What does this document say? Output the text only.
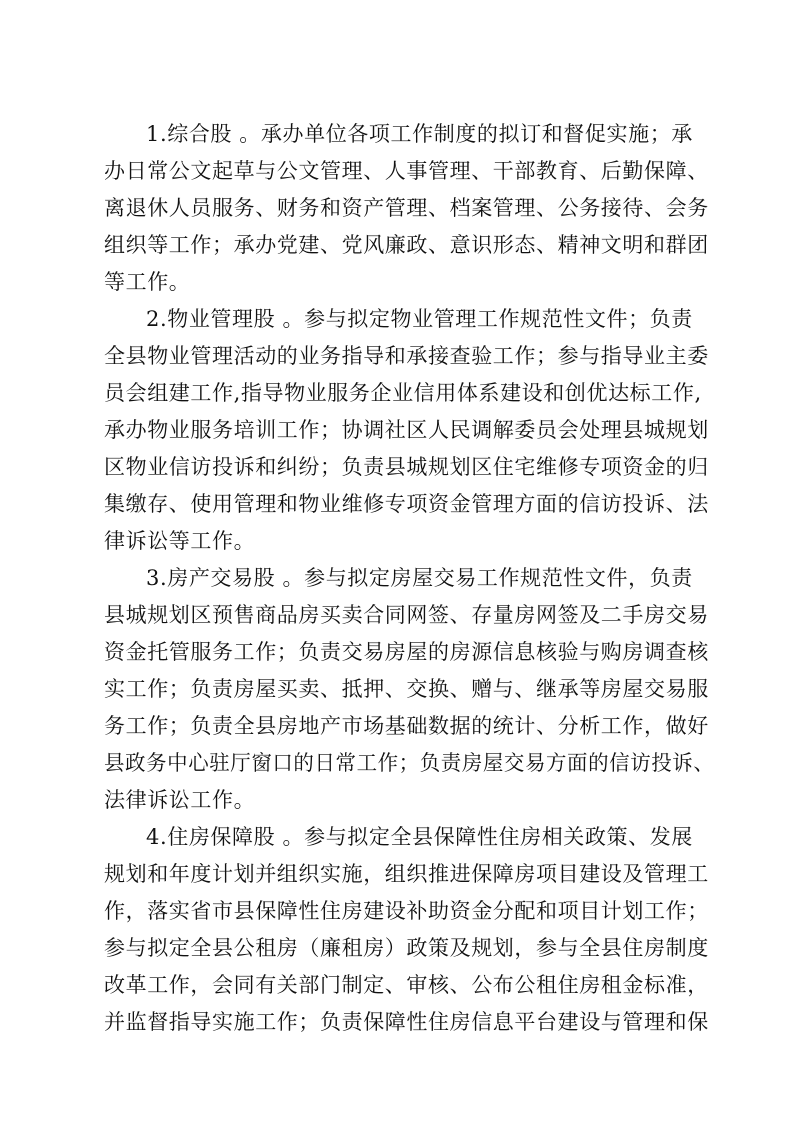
1.综合股 。承办单位各项工作制度的拟订和督促实施；承
办日常公文起草与公文管理、人事管理、干部教育、后勤保障、
离退休人员服务、财务和资产管理、档案管理、公务接待、会务
组织等工作；承办党建、党风廉政、意识形态、精神文明和群团
等工作。
2.物业管理股 。参与拟定物业管理工作规范性文件；负责
全县物业管理活动的业务指导和承接查验工作；参与指导业主委
员会组建工作,指导物业服务企业信用体系建设和创优达标工作,
承办物业服务培训工作；协调社区人民调解委员会处理县城规划
区物业信访投诉和纠纷；负责县城规划区住宅维修专项资金的归
集缴存、使用管理和物业维修专项资金管理方面的信访投诉、法
律诉讼等工作。
3.房产交易股 。参与拟定房屋交易工作规范性文件，负责
县城规划区预售商品房买卖合同网签、存量房网签及二手房交易
资金托管服务工作；负责交易房屋的房源信息核验与购房调查核
实工作；负责房屋买卖、抵押、交换、赠与、继承等房屋交易服
务工作；负责全县房地产市场基础数据的统计、分析工作，做好
县政务中心驻厅窗口的日常工作；负责房屋交易方面的信访投诉、
法律诉讼工作。
4.住房保障股 。参与拟定全县保障性住房相关政策、发展
规划和年度计划并组织实施，组织推进保障房项目建设及管理工
作，落实省市县保障性住房建设补助资金分配和项目计划工作；
参与拟定全县公租房（廉租房）政策及规划，参与全县住房制度
改革工作，会同有关部门制定、审核、公布公租住房租金标准，
并监督指导实施工作；负责保障性住房信息平台建设与管理和保
